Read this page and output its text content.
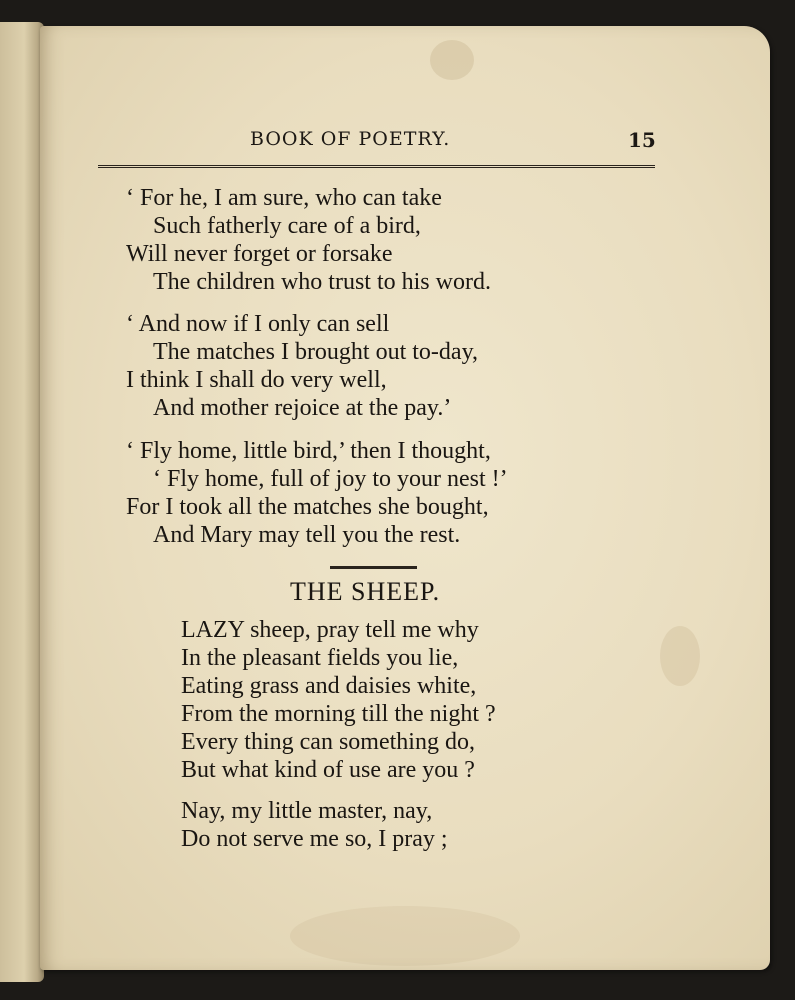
BOOK OF POETRY.	15
‘ For he, I am sure, who can take
Such fatherly care of a bird,
Will never forget or forsake
The children who trust to his word.
‘ And now if I only can sell
The matches I brought out to-day,
I think I shall do very well,
And mother rejoice at the pay.’
‘ Fly home, little bird,’ then I thought,
‘ Fly home, full of joy to your nest !’
For I took all the matches she bought,
And Mary may tell you the rest.
THE SHEEP.
LAZY sheep, pray tell me why
In the pleasant fields you lie,
Eating grass and daisies white,
From the morning till the night ?
Every thing can something do,
But what kind of use are you ?
Nay, my little master, nay,
Do not serve me so, I pray ;
